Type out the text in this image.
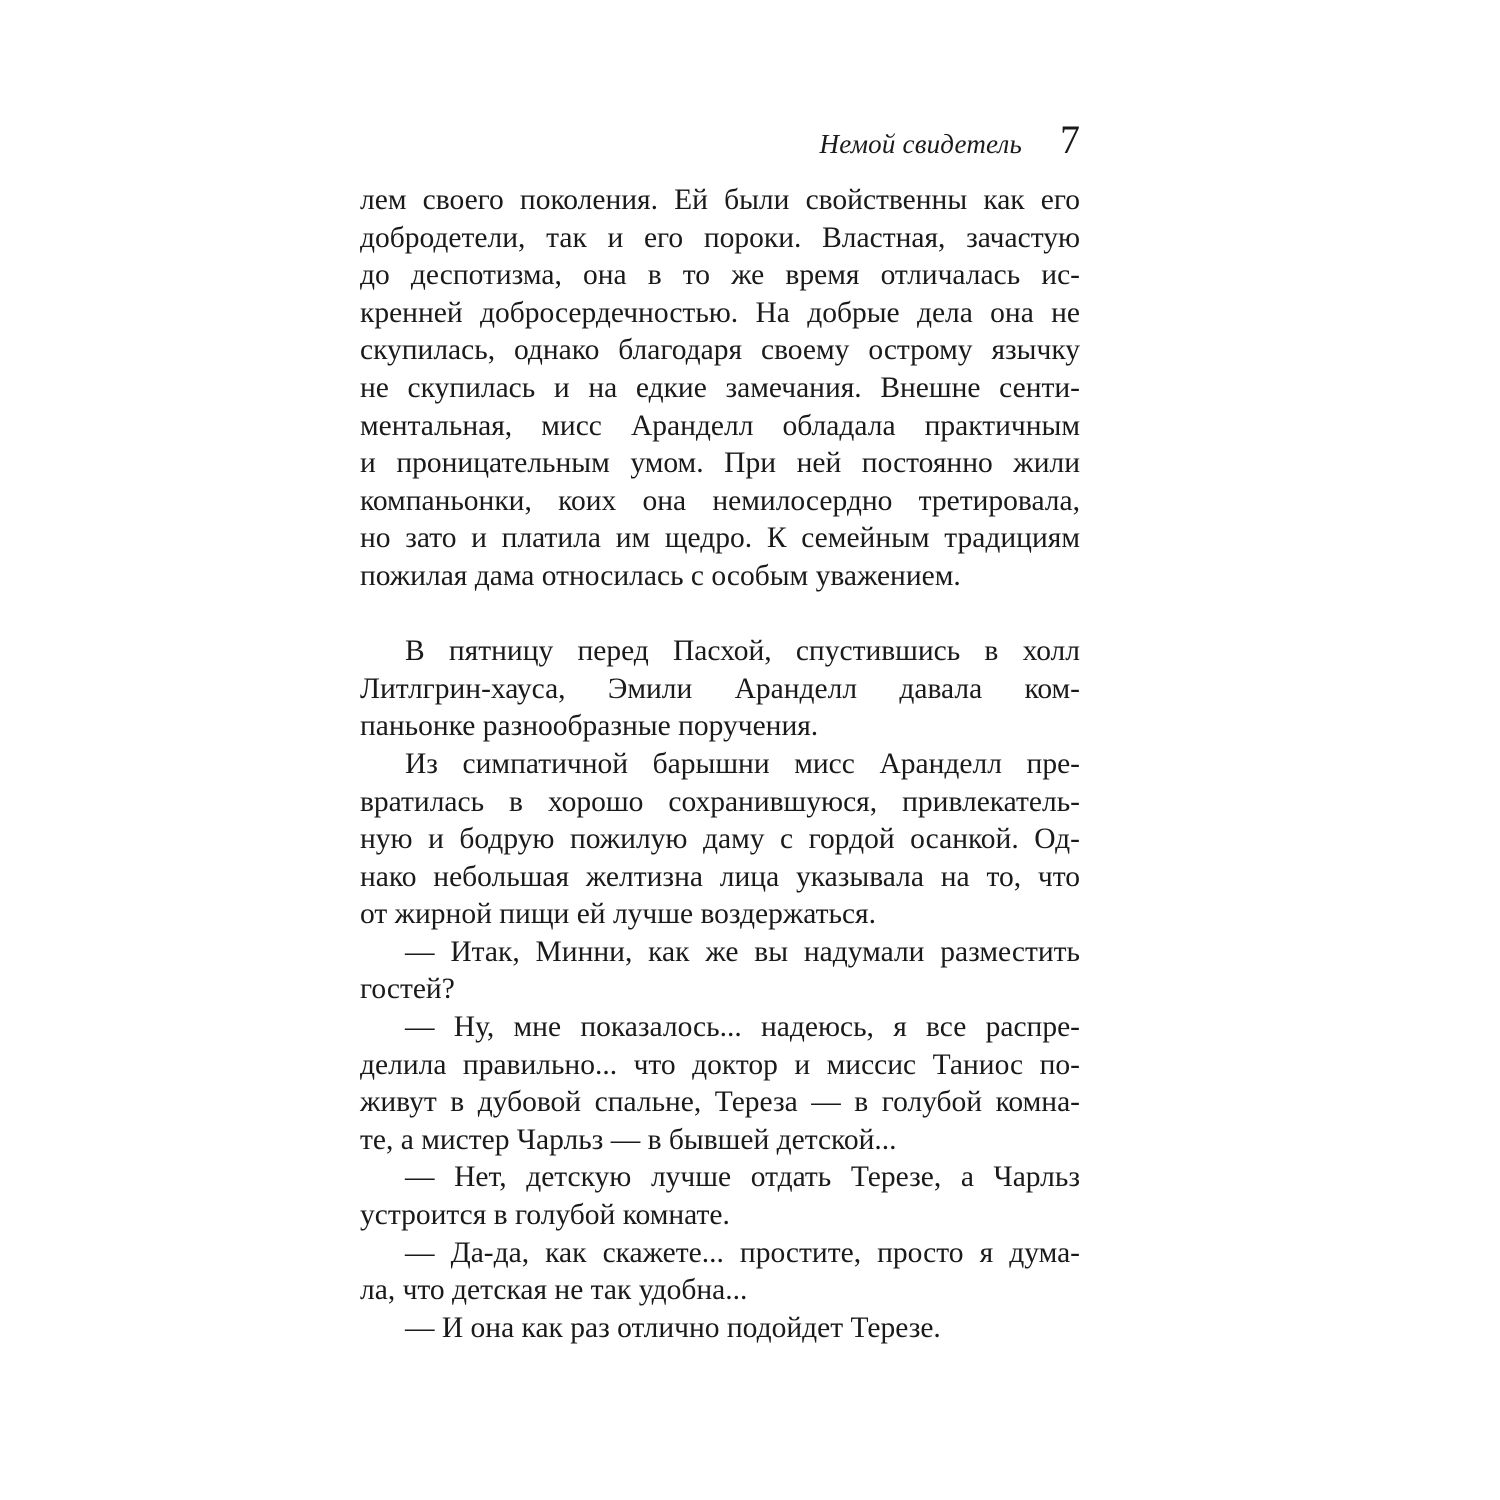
Немой свидетель 7
лем своего поколения. Ей были свойственны как его
добродетели, так и его пороки. Властная, зачастую
до деспотизма, она в то же время отличалась ис-
кренней добросердечностью. На добрые дела она не
скупилась, однако благодаря своему острому язычку
не скупилась и на едкие замечания. Внешне сенти-
ментальная, мисс Аранделл обладала практичным
и проницательным умом. При ней постоянно жили
компаньонки, коих она немилосердно третировала,
но зато и платила им щедро. К семейным традициям
пожилая дама относилась с особым уважением.
В пятницу перед Пасхой, спустившись в холл
Литлгрин-хауса, Эмили Аранделл давала ком-
паньонке разнообразные поручения.
Из симпатичной барышни мисс Аранделл пре-
вратилась в хорошо сохранившуюся, привлекатель-
ную и бодрую пожилую даму с гордой осанкой. Од-
нако небольшая желтизна лица указывала на то, что
от жирной пищи ей лучше воздержаться.
— Итак, Минни, как же вы надумали разместить
гостей?
— Ну, мне показалось... надеюсь, я все распре-
делила правильно... что доктор и миссис Таниос по-
живут в дубовой спальне, Тереза — в голубой комна-
те, а мистер Чарльз — в бывшей детской...
— Нет, детскую лучше отдать Терезе, а Чарльз
устроится в голубой комнате.
— Да-да, как скажете... простите, просто я дума-
ла, что детская не так удобна...
— И она как раз отлично подойдет Терезе.
